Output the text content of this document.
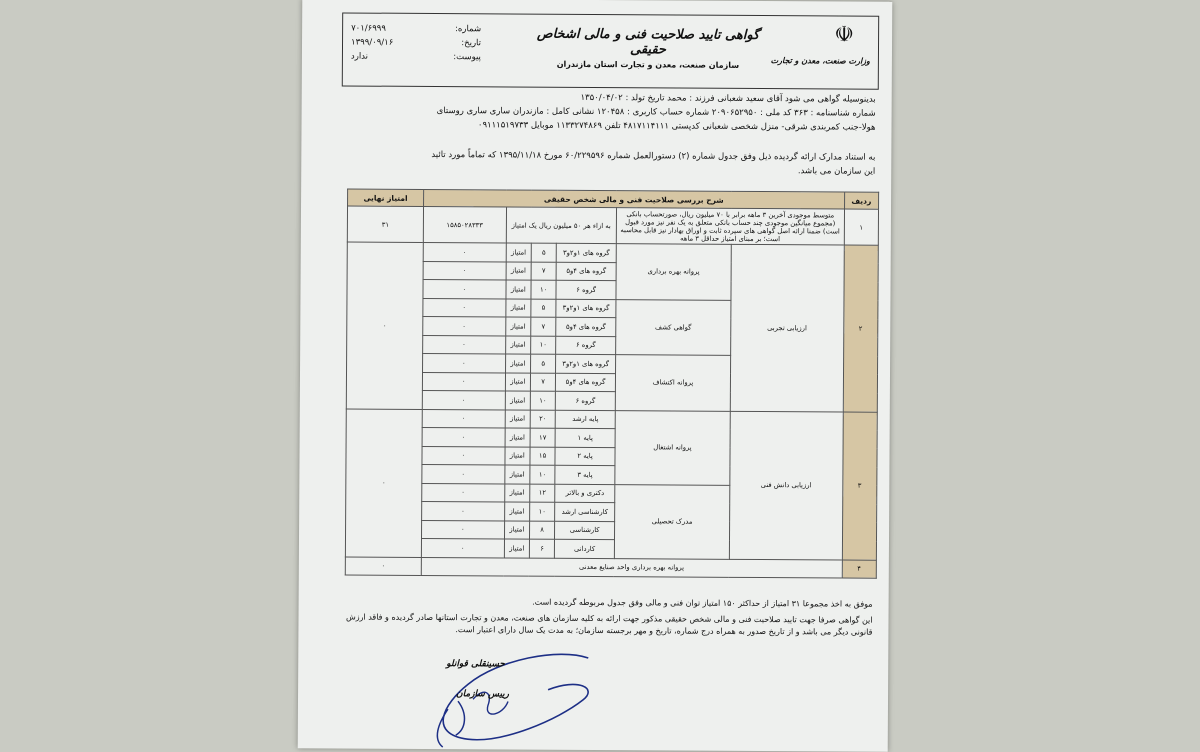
☫
وزارت صنعت، معدن و تجارت
گواهی تایید صلاحیت فنی و مالی اشخاص حقیقی
سازمان صنعت، معدن و تجارت استان مازندران
شماره:
۷۰۱/۶۹۹۹
تاریخ:
۱۳۹۹/۰۹/۱۶
پیوست:
ندارد
بدینوسیله گواهی می شود آقای سعید شعبانی فرزند : محمد تاریخ تولد : ۱۳۵۰/۰۴/۰۲
شماره شناسنامه : ۳۶۳ کد ملی : ۲۰۹۰۶۵۲۹۵۰ شماره حساب کاربری : ۱۲۰۴۵۸ نشانی کامل : مازندران ساری ساری روستای
هولا-جنب کمربندی شرقی- منزل شخصی شعبانی کدپستی ۴۸۱۷۱۱۴۱۱۱ تلفن ۱۱۳۳۲۷۴۸۶۹ موبایل ۰۹۱۱۱۵۱۹۷۳۳
به استناد مدارک ارائه گردیده ذیل وفق جدول شماره (۲) دستورالعمل شماره ۶۰/۲۲۹۵۹۶ مورخ ۱۳۹۵/۱۱/۱۸ که تماماً مورد تائید
این سازمان می باشد.
ردیف	شرح بررسی صلاحیت فنی و مالی شخص حقیقی						امتیاز نهایی
۱	متوسط موجودی آخرین ۳ ماهه برابر با ۷۰ میلیون ریال، صورتحساب بانکی (مجموع میانگین موجودی چند حساب بانکی متعلق به یک نفر نیز مورد قبول است) ضمنا ارائه اصل گواهی های سپرده ثابت و اوراق بهادار نیز قابل محاسبه است؛ بر مبنای امتیاز حداقل ۳ ماهه		به ازاء هر ۵۰ میلیون ریال یک امتیاز			۱۵۸۵۰۲۸۳۳۳	۳۱
۲	ارزیابی تجربی	پروانه بهره برداری	گروه های ۱و۲و۳	۵	امتیاز	۰	۰
			گروه های ۴و۵	۷	امتیاز	۰	
			گروه ۶	۱۰	امتیاز	۰	
		گواهی کشف	گروه های ۱و۲و۳	۵	امتیاز	۰	
			گروه های ۴و۵	۷	امتیاز	۰	
			گروه ۶	۱۰	امتیاز	۰	
		پروانه اکتشاف	گروه های ۱و۲و۳	۵	امتیاز	۰	
			گروه های ۴و۵	۷	امتیاز	۰	
			گروه ۶	۱۰	امتیاز	۰	
۳	ارزیابی دانش فنی	پروانه اشتغال	پایه ارشد	۲۰	امتیاز	۰	۰
			پایه ۱	۱۷	امتیاز	۰	
			پایه ۲	۱۵	امتیاز	۰	
			پایه ۳	۱۰	امتیاز	۰	
		مدرک تحصیلی	دکتری و بالاتر	۱۲	امتیاز	۰	
			کارشناسی ارشد	۱۰	امتیاز	۰	
			کارشناسی	۸	امتیاز	۰	
			کاردانی	۶	امتیاز	۰	
۴	پروانه بهره برداری واحد صنایع معدنی						۰
موفق به اخذ مجموعا ۳۱ امتیاز از حداکثر ۱۵۰ امتیاز توان فنی و مالی وفق جدول مربوطه گردیده است.
این گواهی صرفا جهت تایید صلاحیت فنی و مالی شخص حقیقی مذکور جهت ارائه به کلیه سازمان های صنعت، معدن و تجارت استانها صادر گردیده و فاقد ارزش
قانونی دیگر می باشد و از تاریخ صدور به همراه درج شماره، تاریخ و مهر برجسته سازمان؛ به مدت یک سال دارای اعتبار است.
حسینقلی قوانلو
رییس سازمان
